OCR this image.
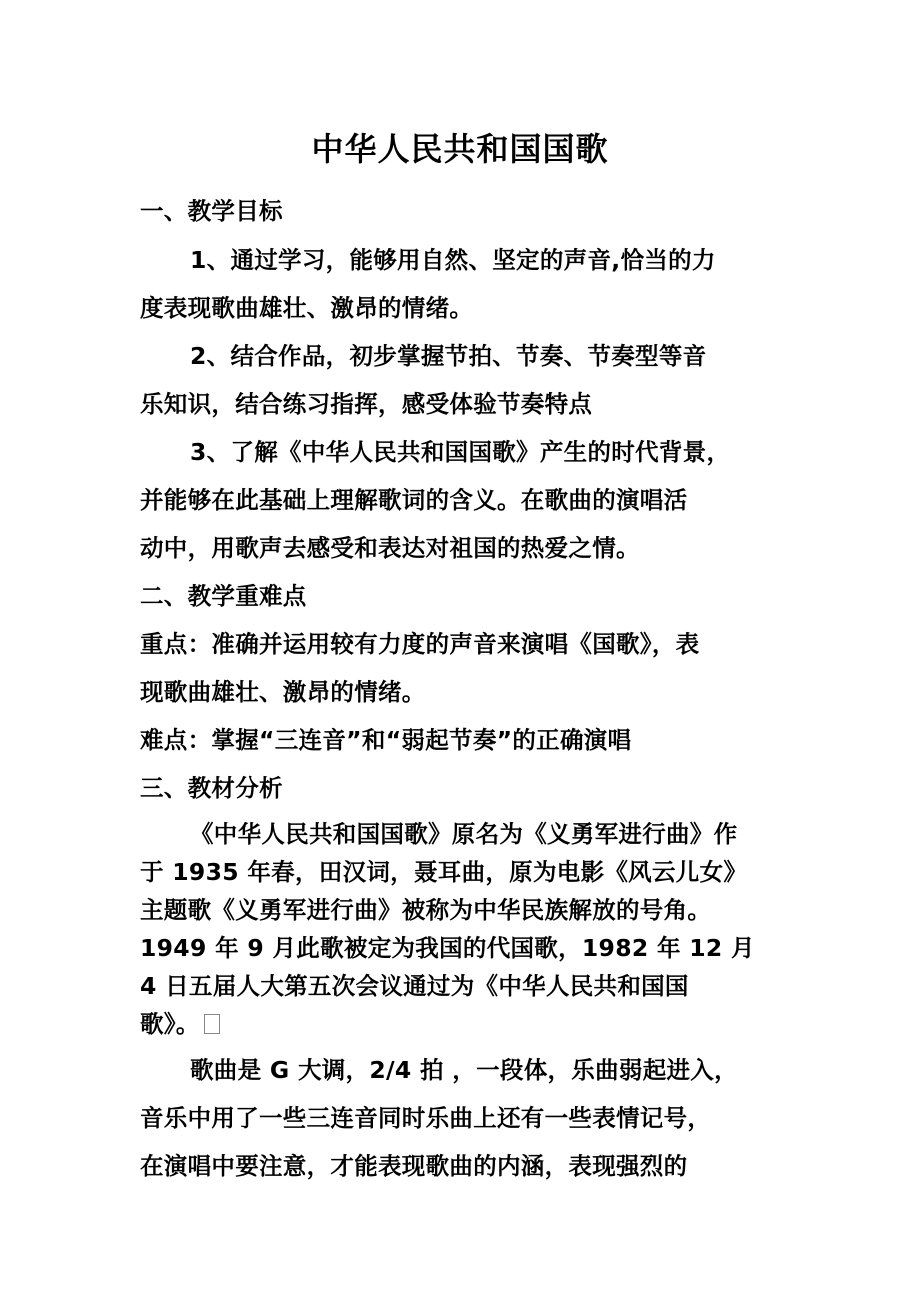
中华人民共和国国歌
一、教学目标
1、通过学习，能够用自然、坚定的声音,恰当的力
度表现歌曲雄壮、激昂的情绪。
2、结合作品，初步掌握节拍、节奏、节奏型等音
乐知识，结合练习指挥，感受体验节奏特点
3、了解《中华人民共和国国歌》产生的时代背景，
并能够在此基础上理解歌词的含义。在歌曲的演唱活
动中，用歌声去感受和表达对祖国的热爱之情。
二、教学重难点
重点：准确并运用较有力度的声音来演唱《国歌》，表
现歌曲雄壮、激昂的情绪。
难点：掌握“三连音”和“弱起节奏”的正确演唱
三、教材分析
《中华人民共和国国歌》原名为《义勇军进行曲》作
于 1935 年春，田汉词，聂耳曲，原为电影《风云儿女》
主题歌《义勇军进行曲》被称为中华民族解放的号角。
1949 年 9 月此歌被定为我国的代国歌，1982 年 12 月
4 日五届人大第五次会议通过为《中华人民共和国国
歌》。
歌曲是 G 大调，2/4 拍 ，一段体，乐曲弱起进入，
音乐中用了一些三连音同时乐曲上还有一些表情记号，
在演唱中要注意，才能表现歌曲的内涵，表现强烈的
